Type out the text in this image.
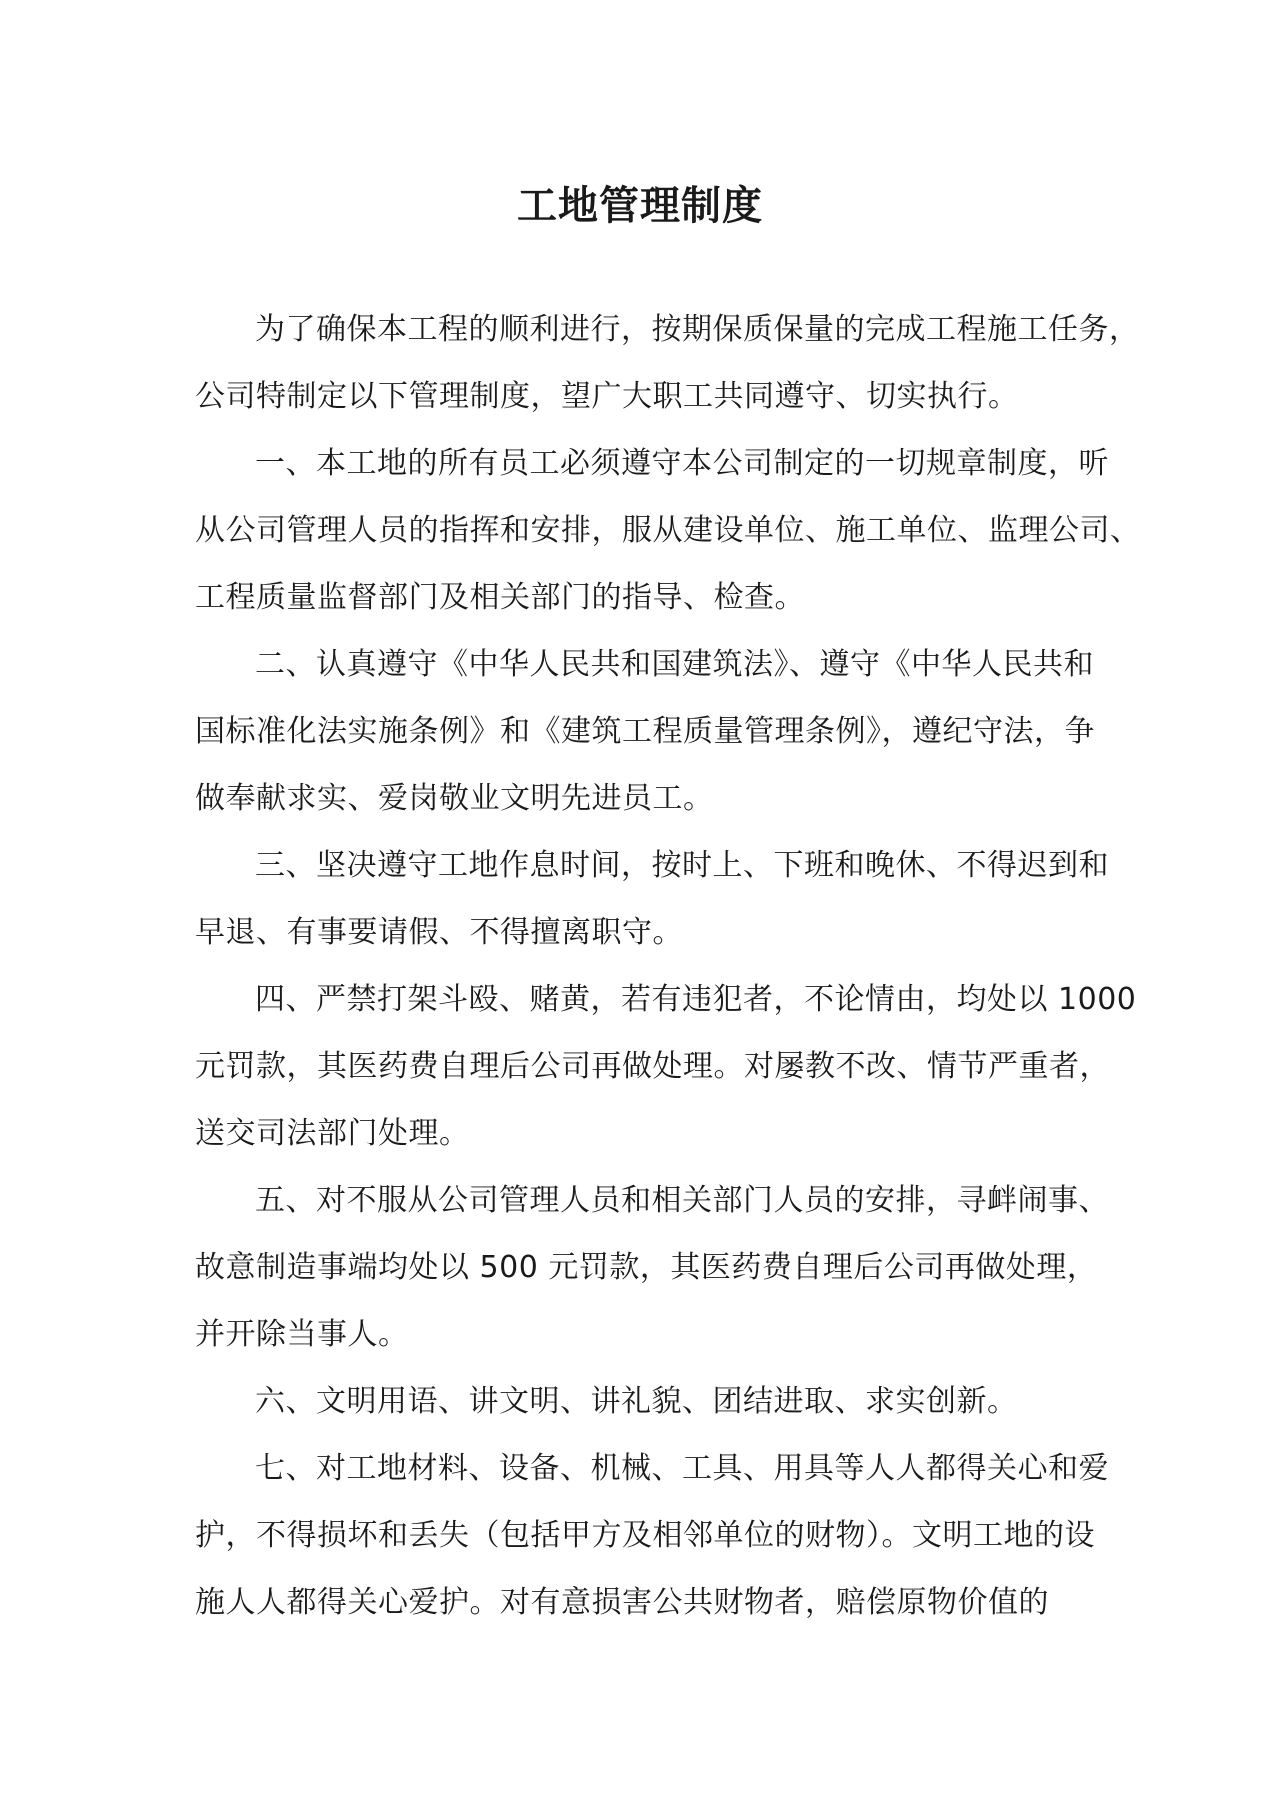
工地管理制度
为了确保本工程的顺利进行，按期保质保量的完成工程施工任务，
公司特制定以下管理制度，望广大职工共同遵守、切实执行。
一、本工地的所有员工必须遵守本公司制定的一切规章制度，听
从公司管理人员的指挥和安排，服从建设单位、施工单位、监理公司、
工程质量监督部门及相关部门的指导、检查。
二、认真遵守《中华人民共和国建筑法》、遵守《中华人民共和
国标准化法实施条例》和《建筑工程质量管理条例》，遵纪守法，争
做奉献求实、爱岗敬业文明先进员工。
三、坚决遵守工地作息时间，按时上、下班和晚休、不得迟到和
早退、有事要请假、不得擅离职守。
四、严禁打架斗殴、赌黄，若有违犯者，不论情由，均处以 1000
元罚款，其医药费自理后公司再做处理。对屡教不改、情节严重者，
送交司法部门处理。
五、对不服从公司管理人员和相关部门人员的安排，寻衅闹事、
故意制造事端均处以 500 元罚款，其医药费自理后公司再做处理，
并开除当事人。
六、文明用语、讲文明、讲礼貌、团结进取、求实创新。
七、对工地材料、设备、机械、工具、用具等人人都得关心和爱
护，不得损坏和丢失（包括甲方及相邻单位的财物）。文明工地的设
施人人都得关心爱护。对有意损害公共财物者，赔偿原物价值的
